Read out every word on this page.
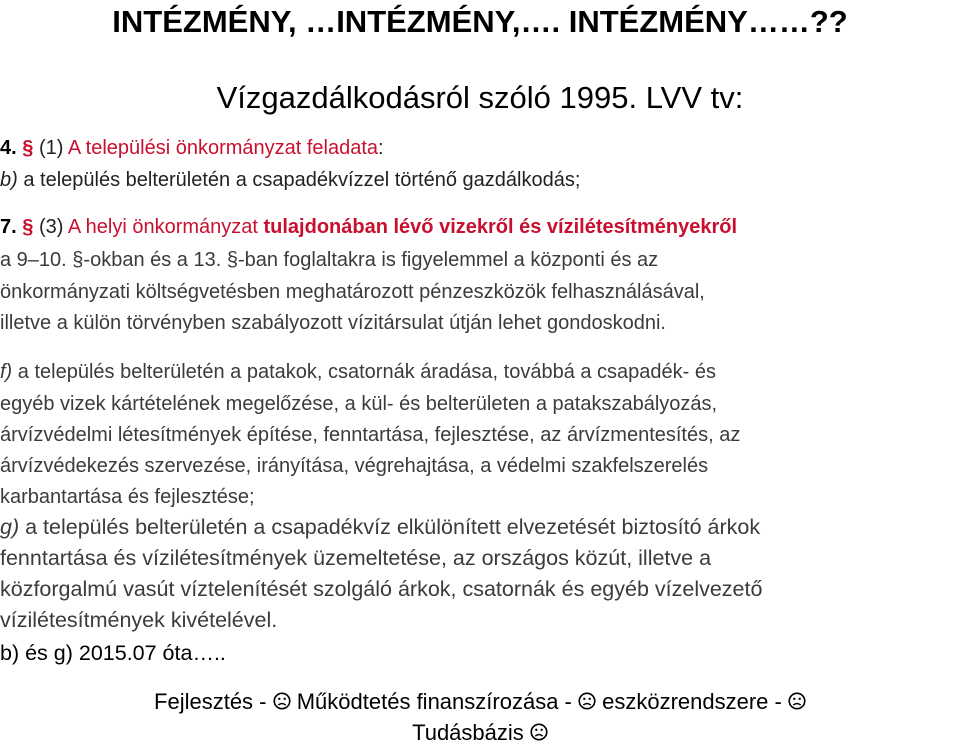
INTÉZMÉNY, …INTÉZMÉNY,…. INTÉZMÉNY……??
Vízgazdálkodásról szóló 1995. LVV tv:
4. § (1) A települési önkormányzat feladata:
b) a település belterületén a csapadékvízzel történő gazdálkodás;
7. § (3) A helyi önkormányzat tulajdonában lévő vizekről és vízilétesítményekről
a 9–10. §-okban és a 13. §-ban foglaltakra is figyelemmel a központi és az
önkormányzati költségvetésben meghatározott pénzeszközök felhasználásával,
illetve a külön törvényben szabályozott vízitársulat útján lehet gondoskodni.
f) a település belterületén a patakok, csatornák áradása, továbbá a csapadék- és
egyéb vizek kártételének megelőzése, a kül- és belterületen a patakszabályozás,
árvízvédelmi létesítmények építése, fenntartása, fejlesztése, az árvízmentesítés, az
árvízvédekezés szervezése, irányítása, végrehajtása, a védelmi szakfelszerelés
karbantartása és fejlesztése;
g) a település belterületén a csapadékvíz elkülönített elvezetését biztosító árkok
fenntartása és vízilétesítmények üzemeltetése, az országos közút, illetve a
közforgalmú vasút víztelenítését szolgáló árkok, csatornák és egyéb vízelvezető
vízilétesítmények kivételével.
b) és g) 2015.07 óta…..
Fejlesztés -  Működtetés finanszírozása -  eszközrendszere -
Tudásbázis
